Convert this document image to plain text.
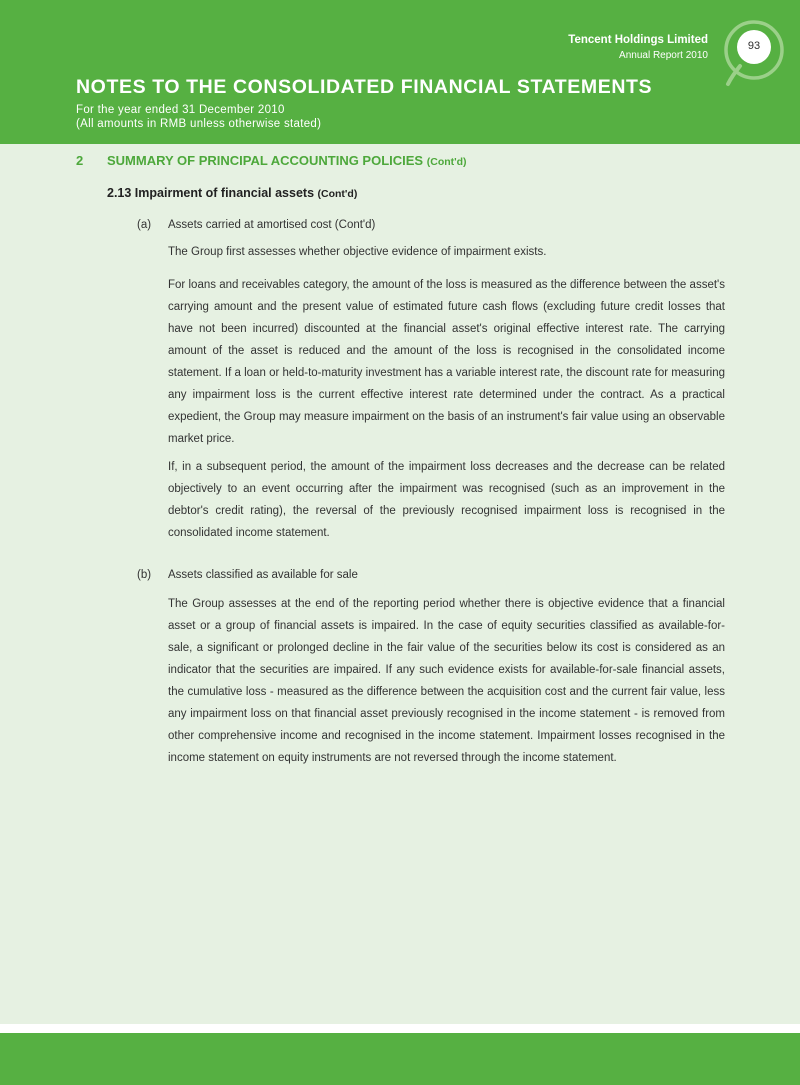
Tencent Holdings Limited
Annual Report 2010
93
NOTES TO THE CONSOLIDATED FINANCIAL STATEMENTS
For the year ended 31 December 2010
(All amounts in RMB unless otherwise stated)
2 SUMMARY OF PRINCIPAL ACCOUNTING POLICIES (Cont'd)
2.13 Impairment of financial assets (Cont'd)
(a) Assets carried at amortised cost (Cont'd)

The Group first assesses whether objective evidence of impairment exists.

For loans and receivables category, the amount of the loss is measured as the difference between the asset's carrying amount and the present value of estimated future cash flows (excluding future credit losses that have not been incurred) discounted at the financial asset's original effective interest rate. The carrying amount of the asset is reduced and the amount of the loss is recognised in the consolidated income statement. If a loan or held-to-maturity investment has a variable interest rate, the discount rate for measuring any impairment loss is the current effective interest rate determined under the contract. As a practical expedient, the Group may measure impairment on the basis of an instrument's fair value using an observable market price.

If, in a subsequent period, the amount of the impairment loss decreases and the decrease can be related objectively to an event occurring after the impairment was recognised (such as an improvement in the debtor's credit rating), the reversal of the previously recognised impairment loss is recognised in the consolidated income statement.

(b) Assets classified as available for sale

The Group assesses at the end of the reporting period whether there is objective evidence that a financial asset or a group of financial assets is impaired. In the case of equity securities classified as available-for-sale, a significant or prolonged decline in the fair value of the securities below its cost is considered as an indicator that the securities are impaired. If any such evidence exists for available-for-sale financial assets, the cumulative loss - measured as the difference between the acquisition cost and the current fair value, less any impairment loss on that financial asset previously recognised in the income statement - is removed from other comprehensive income and recognised in the income statement. Impairment losses recognised in the income statement on equity instruments are not reversed through the income statement.
